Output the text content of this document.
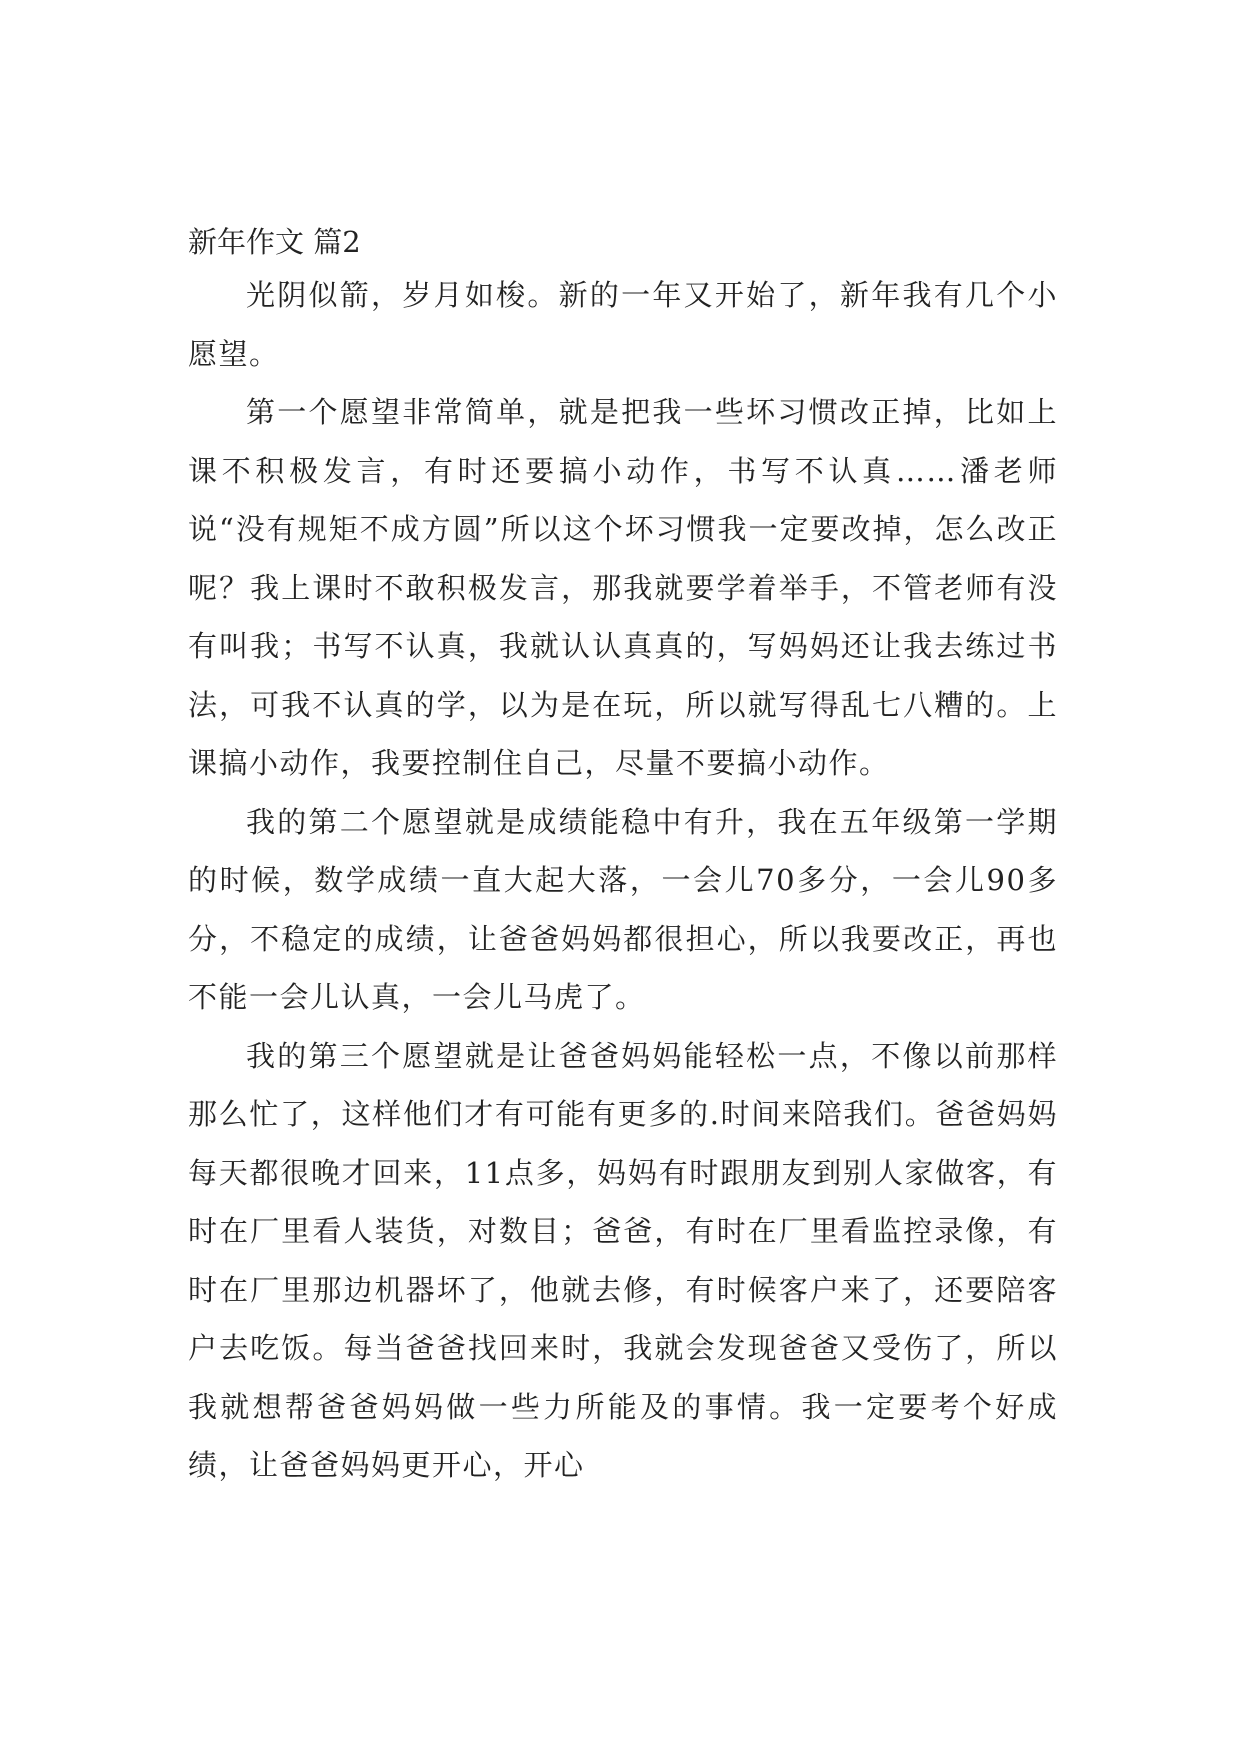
新年作文 篇2

光阴似箭，岁月如梭。新的一年又开始了，新年我有几个小愿望。

第一个愿望非常简单，就是把我一些坏习惯改正掉，比如上课不积极发言，有时还要搞小动作，书写不认真……潘老师说“没有规矩不成方圆”所以这个坏习惯我一定要改掉，怎么改正呢？我上课时不敢积极发言，那我就要学着举手，不管老师有没有叫我；书写不认真，我就认认真真的，写妈妈还让我去练过书法，可我不认真的学，以为是在玩，所以就写得乱七八糟的。上课搞小动作，我要控制住自己，尽量不要搞小动作。

我的第二个愿望就是成绩能稳中有升，我在五年级第一学期的时候，数学成绩一直大起大落，一会儿70多分，一会儿90多分，不稳定的成绩，让爸爸妈妈都很担心，所以我要改正，再也不能一会儿认真，一会儿马虎了。

我的第三个愿望就是让爸爸妈妈能轻松一点，不像以前那样那么忙了，这样他们才有可能有更多的.时间来陪我们。爸爸妈妈每天都很晚才回来，11点多，妈妈有时跟朋友到别人家做客，有时在厂里看人装货，对数目；爸爸，有时在厂里看监控录像，有时在厂里那边机器坏了，他就去修，有时候客户来了，还要陪客户去吃饭。每当爸爸找回来时，我就会发现爸爸又受伤了，所以我就想帮爸爸妈妈做一些力所能及的事情。我一定要考个好成绩，让爸爸妈妈更开心，开心
